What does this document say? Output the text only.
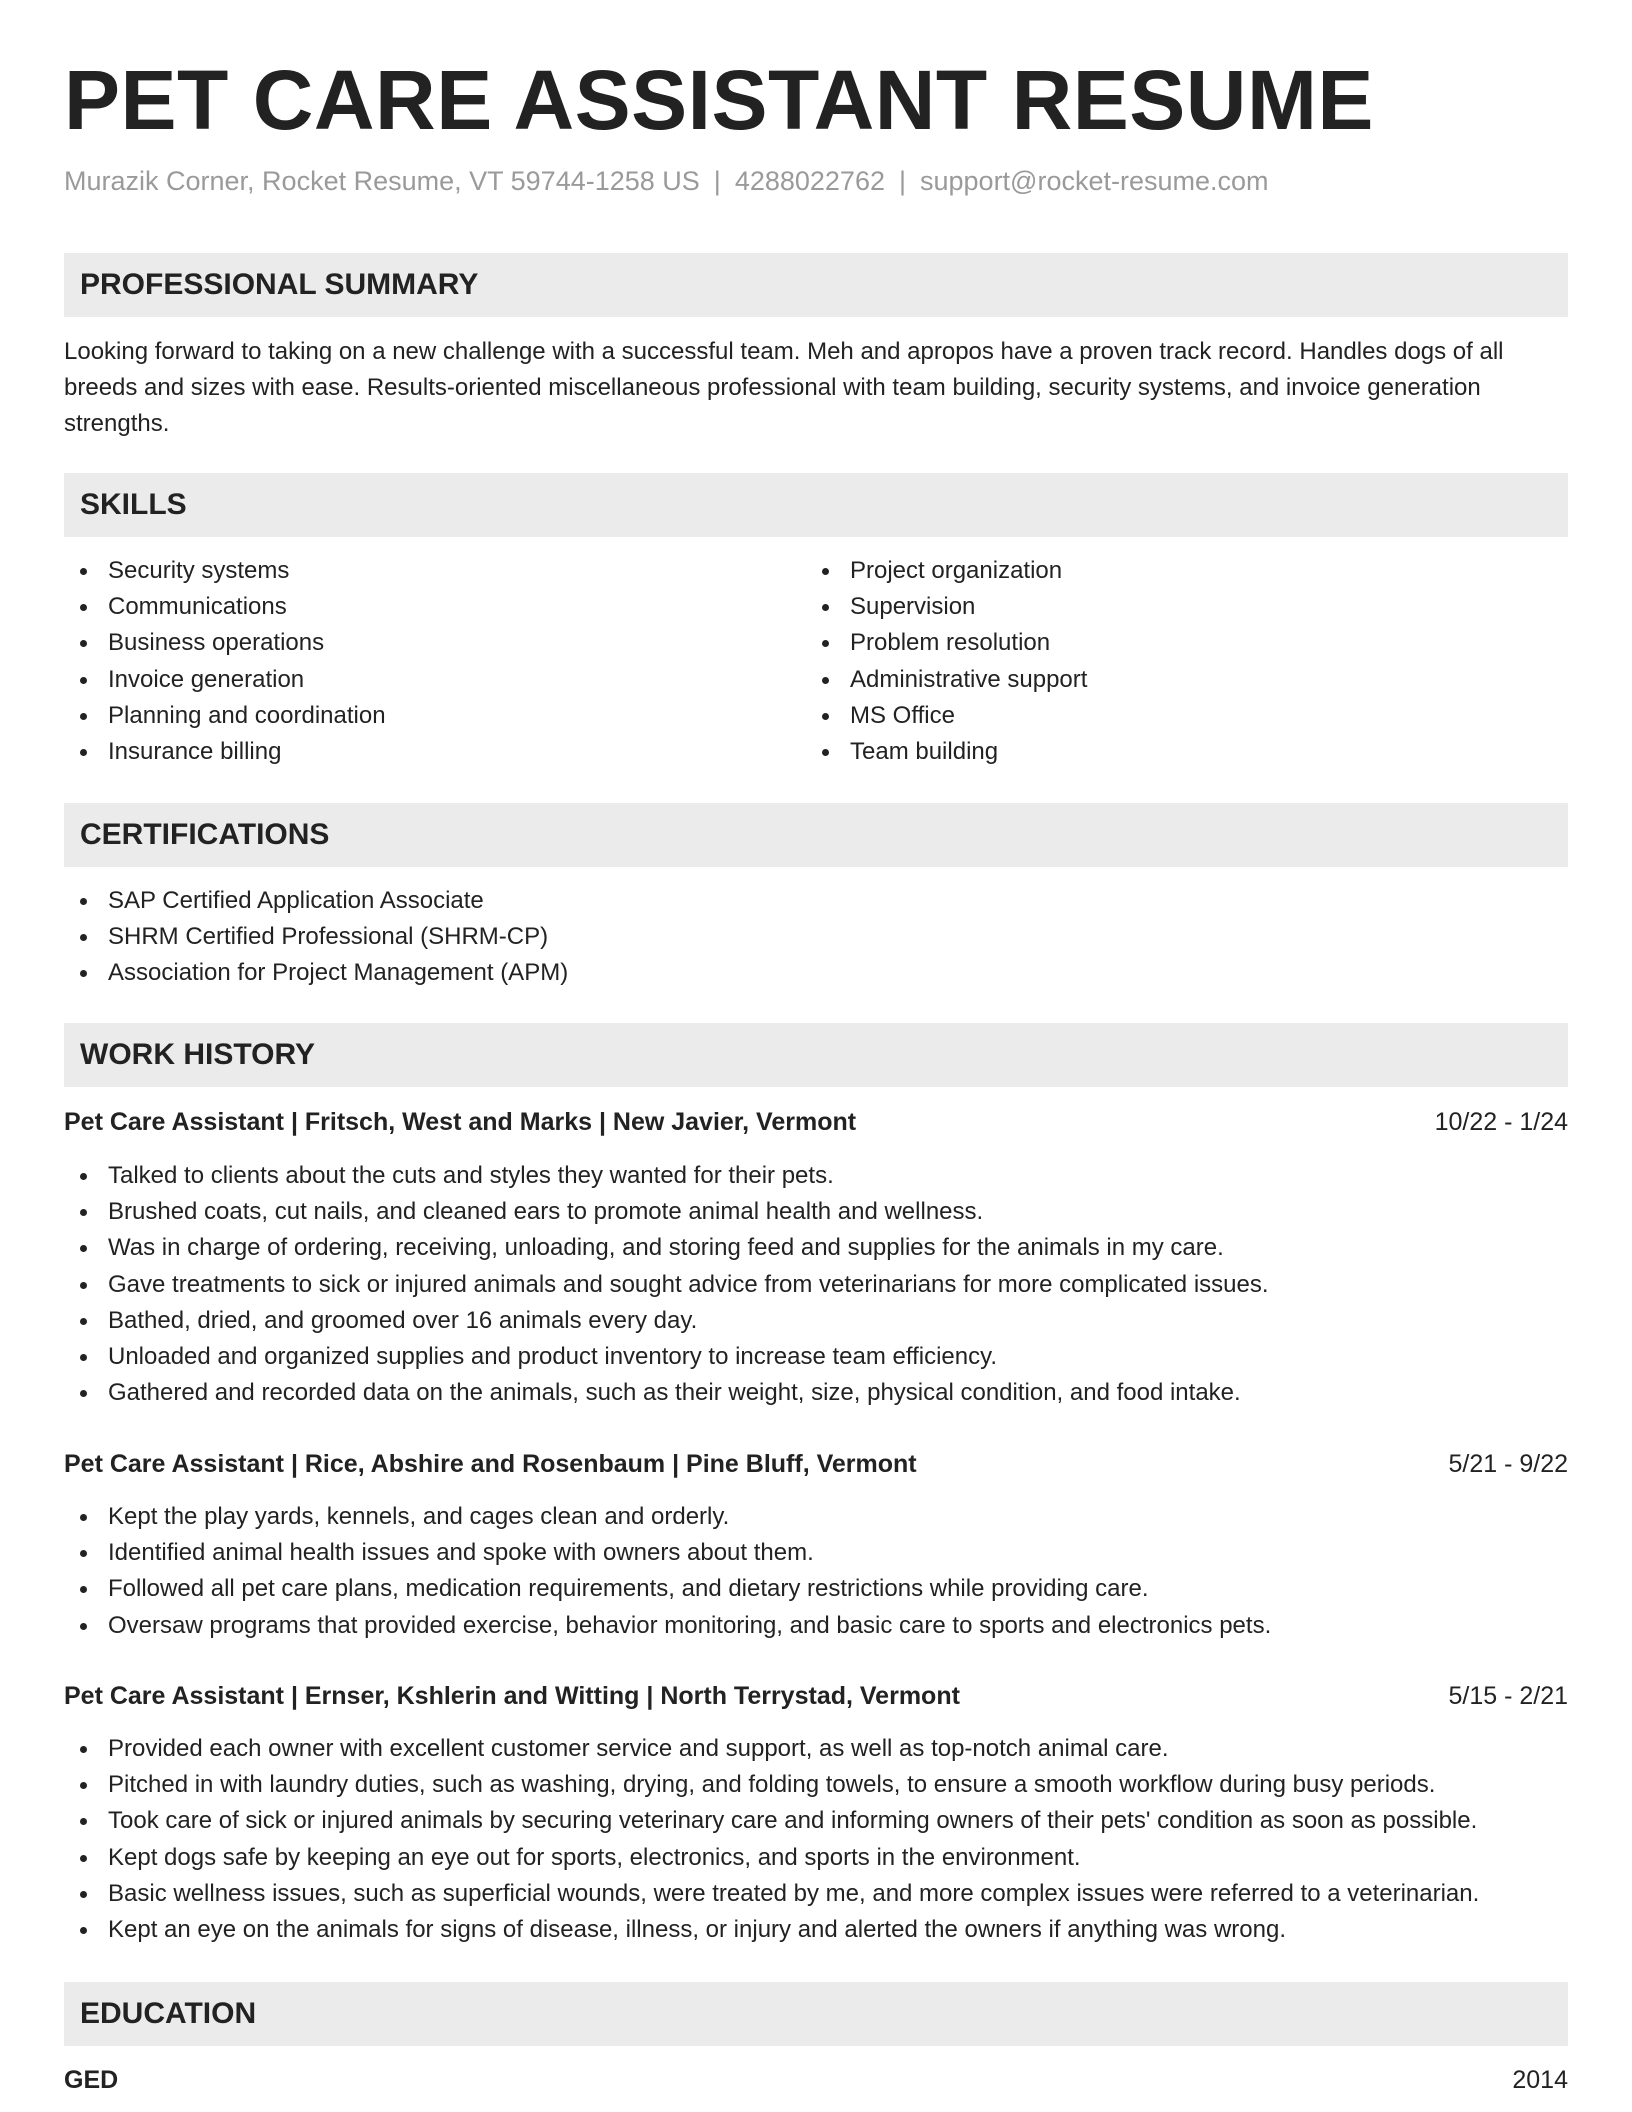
PET CARE ASSISTANT RESUME
Murazik Corner, Rocket Resume, VT 59744-1258 US | 4288022762 | support@rocket-resume.com
PROFESSIONAL SUMMARY

Looking forward to taking on a new challenge with a successful team. Meh and apropos have a proven track record. Handles dogs of all breeds and sizes with ease. Results-oriented miscellaneous professional with team building, security systems, and invoice generation strengths.

SKILLS
Security systems
Communications
Business operations
Invoice generation
Planning and coordination
Insurance billing
Project organization
Supervision
Problem resolution
Administrative support
MS Office
Team building
CERTIFICATIONS
SAP Certified Application Associate
SHRM Certified Professional (SHRM-CP)
Association for Project Management (APM)
WORK HISTORY
Pet Care Assistant | Fritsch, West and Marks | New Javier, Vermont	10/22 - 1/24
Talked to clients about the cuts and styles they wanted for their pets.
Brushed coats, cut nails, and cleaned ears to promote animal health and wellness.
Was in charge of ordering, receiving, unloading, and storing feed and supplies for the animals in my care.
Gave treatments to sick or injured animals and sought advice from veterinarians for more complicated issues.
Bathed, dried, and groomed over 16 animals every day.
Unloaded and organized supplies and product inventory to increase team efficiency.
Gathered and recorded data on the animals, such as their weight, size, physical condition, and food intake.
Pet Care Assistant | Rice, Abshire and Rosenbaum | Pine Bluff, Vermont	5/21 - 9/22
Kept the play yards, kennels, and cages clean and orderly.
Identified animal health issues and spoke with owners about them.
Followed all pet care plans, medication requirements, and dietary restrictions while providing care.
Oversaw programs that provided exercise, behavior monitoring, and basic care to sports and electronics pets.
Pet Care Assistant | Ernser, Kshlerin and Witting | North Terrystad, Vermont	5/15 - 2/21
Provided each owner with excellent customer service and support, as well as top-notch animal care.
Pitched in with laundry duties, such as washing, drying, and folding towels, to ensure a smooth workflow during busy periods.
Took care of sick or injured animals by securing veterinary care and informing owners of their pets' condition as soon as possible.
Kept dogs safe by keeping an eye out for sports, electronics, and sports in the environment.
Basic wellness issues, such as superficial wounds, were treated by me, and more complex issues were referred to a veterinarian.
Kept an eye on the animals for signs of disease, illness, or injury and alerted the owners if anything was wrong.
EDUCATION
GED	2014
